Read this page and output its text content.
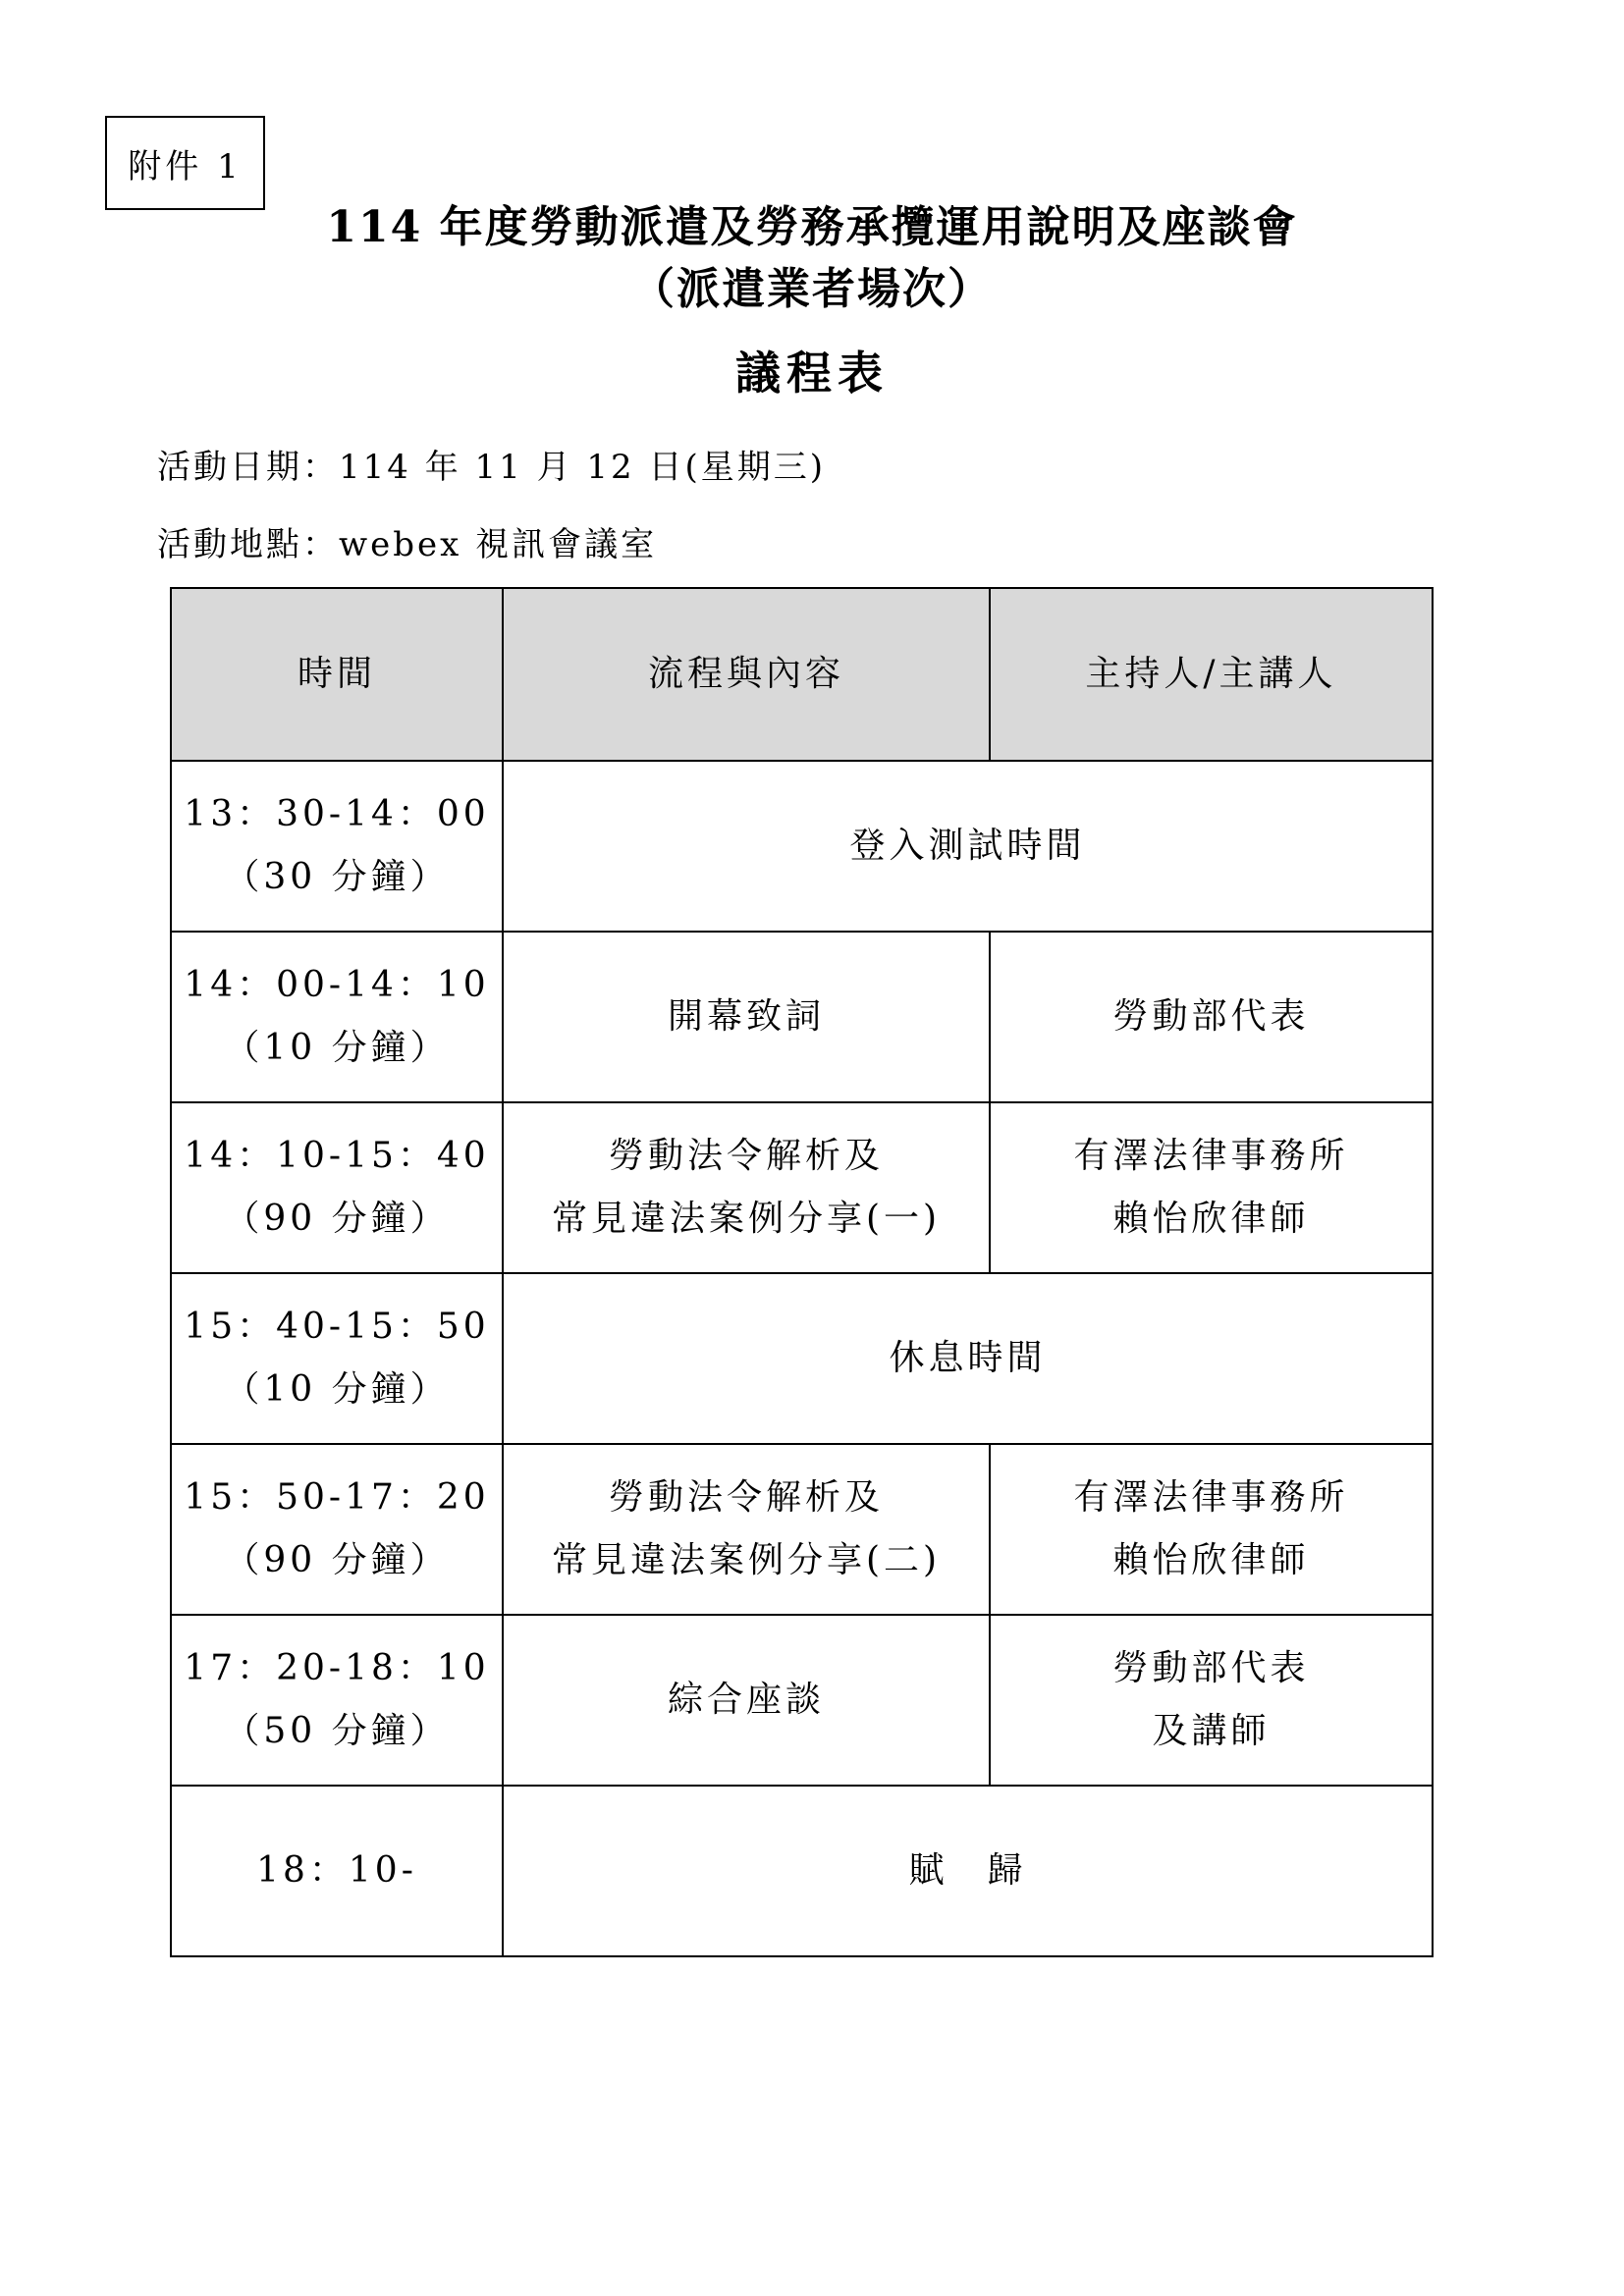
附件 1
114 年度勞動派遣及勞務承攬運用說明及座談會
（派遣業者場次）
議程表
活動日期：114 年 11 月 12 日(星期三)
活動地點：webex 視訊會議室
時間	流程與內容	主持人/主講人

13：30-14：00
（30 分鐘）	登入測試時間	

14：00-14：10
（10 分鐘）	開幕致詞	勞動部代表

14：10-15：40
（90 分鐘）	勞動法令解析及
常見違法案例分享(一)	有澤法律事務所
賴怡欣律師

15：40-15：50
（10 分鐘）	休息時間	

15：50-17：20
（90 分鐘）	勞動法令解析及
常見違法案例分享(二)	有澤法律事務所
賴怡欣律師

17：20-18：10
（50 分鐘）	綜合座談	勞動部代表
及講師

18：10-	賦　歸	
